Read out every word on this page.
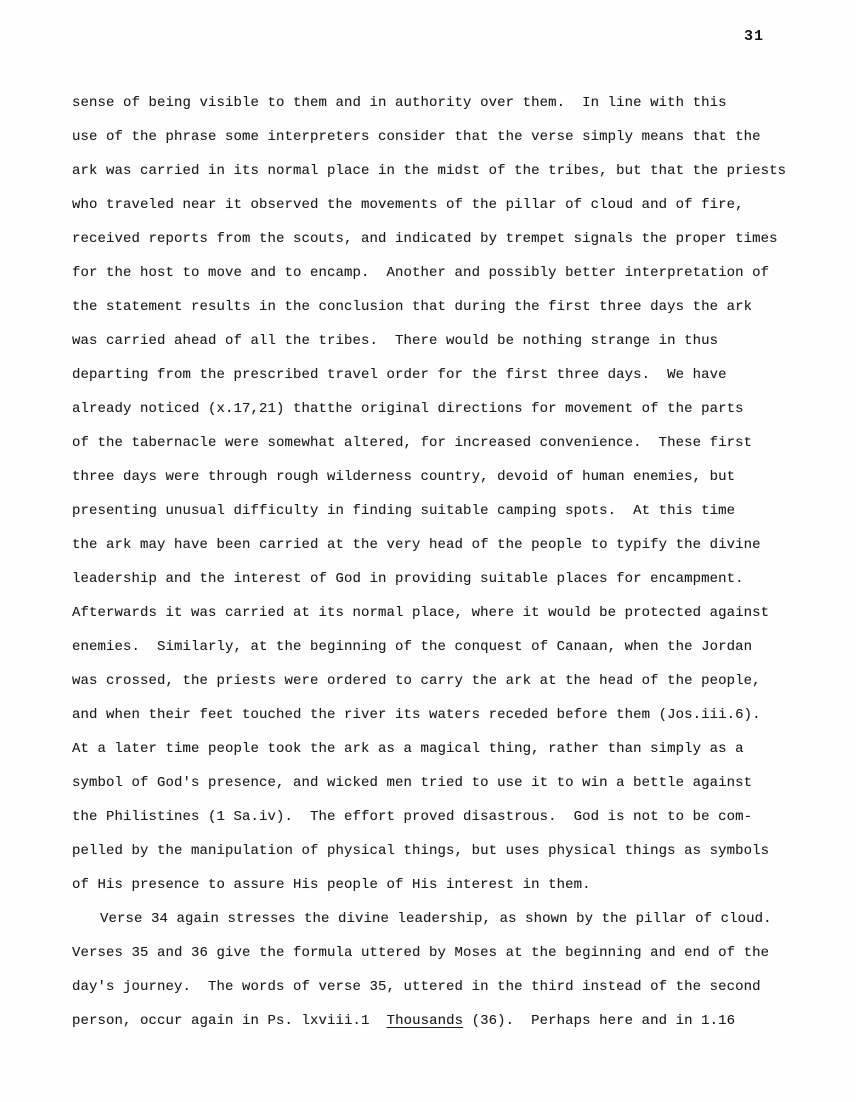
31
sense of being visible to them and in authority over them.  In line with this
use of the phrase some interpreters consider that the verse simply means that the
ark was carried in its normal place in the midst of the tribes, but that the priests
who traveled near it observed the movements of the pillar of cloud and of fire,
received reports from the scouts, and indicated by trempet signals the proper times
for the host to move and to encamp.  Another and possibly better interpretation of
the statement results in the conclusion that during the first three days the ark
was carried ahead of all the tribes.  There would be nothing strange in thus
departing from the prescribed travel order for the first three days.  We have
already noticed (x.17,21) thatthe original directions for movement of the parts
of the tabernacle were somewhat altered, for increased convenience.  These first
three days were through rough wilderness country, devoid of human enemies, but
presenting unusual difficulty in finding suitable camping spots.  At this time
the ark may have been carried at the very head of the people to typify the divine
leadership and the interest of God in providing suitable places for encampment.
Afterwards it was carried at its normal place, where it would be protected against
enemies.  Similarly, at the beginning of the conquest of Canaan, when the Jordan
was crossed, the priests were ordered to carry the ark at the head of the people,
and when their feet touched the river its waters receded before them (Jos.iii.6).
At a later time people took the ark as a magical thing, rather than simply as a
symbol of God's presence, and wicked men tried to use it to win a bettle against
the Philistines (1 Sa.iv).  The effort proved disastrous.  God is not to be com-
pelled by the manipulation of physical things, but uses physical things as symbols
of His presence to assure His people of His interest in them.
Verse 34 again stresses the divine leadership, as shown by the pillar of cloud.
Verses 35 and 36 give the formula uttered by Moses at the beginning and end of the
day's journey.  The words of verse 35, uttered in the third instead of the second
person, occur again in Ps. lxviii.1  Thousands (36).  Perhaps here and in 1.16
